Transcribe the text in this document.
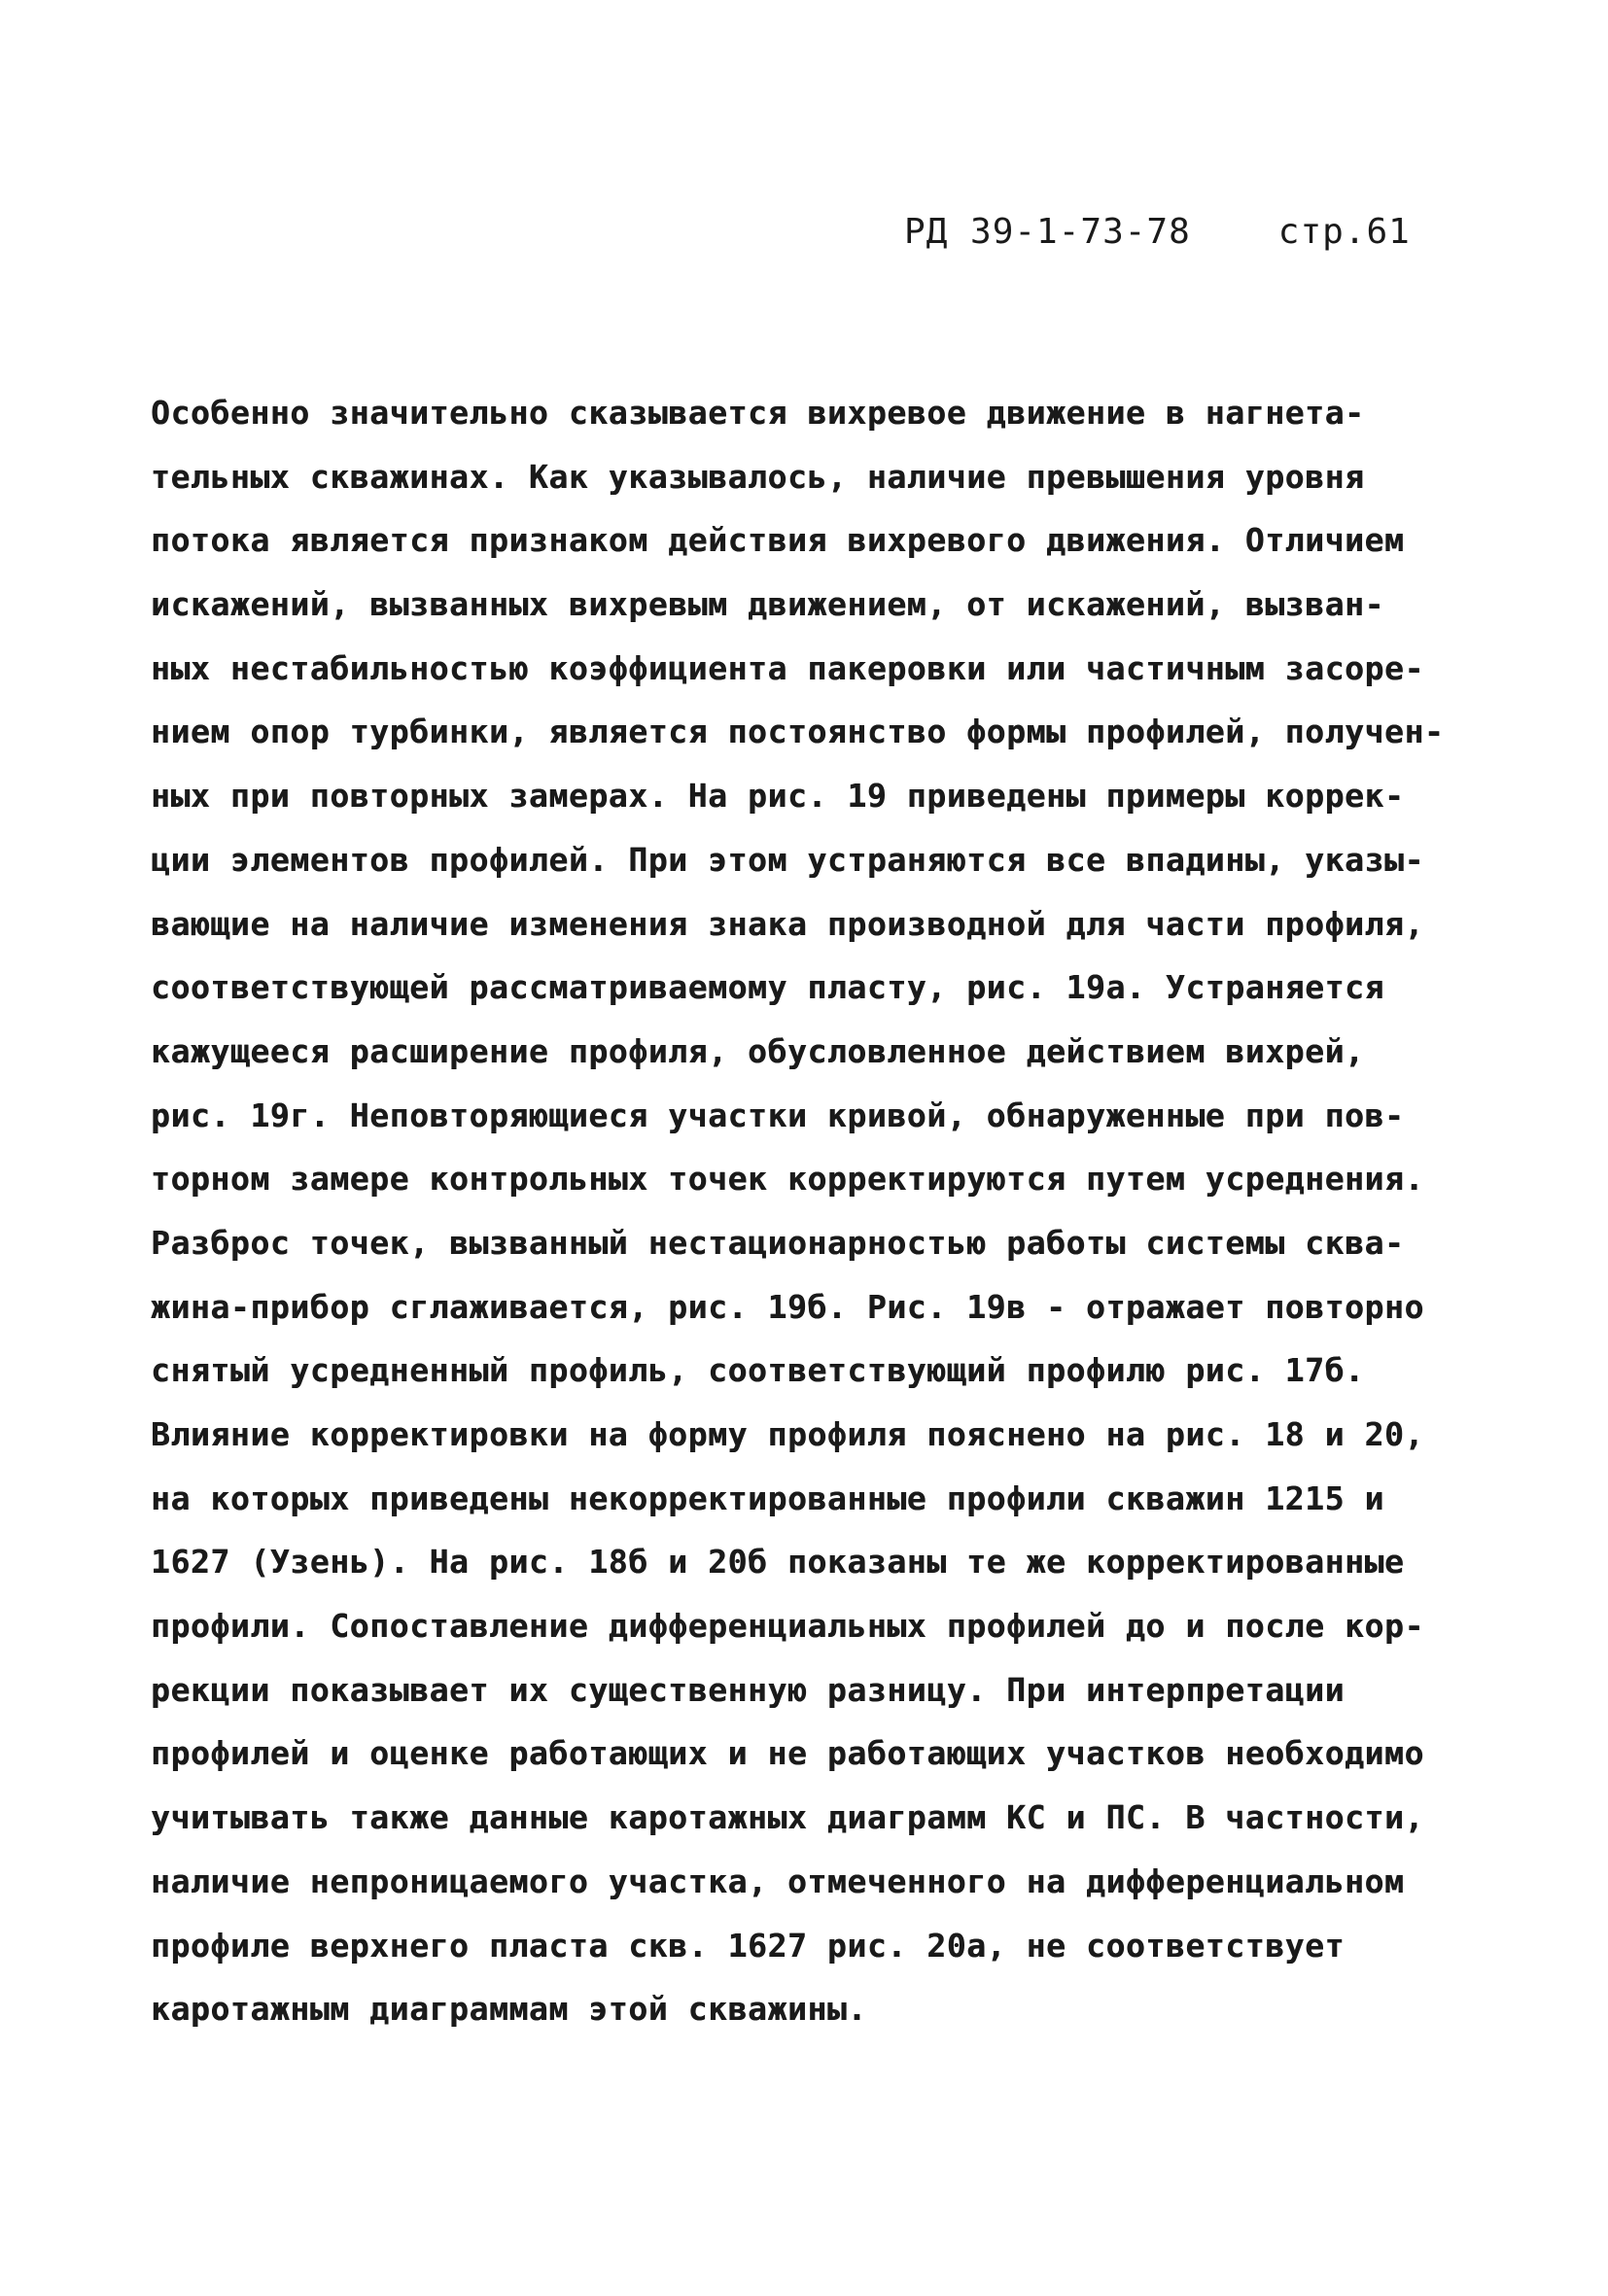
РД 39-1-73-78	стр.61
Особенно значительно сказывается вихревое движение в нагнета-
тельных скважинах. Как указывалось, наличие превышения уровня
потока является признаком действия вихревого движения. Отличием
искажений, вызванных вихревым движением, от искажений, вызван-
ных нестабильностью коэффициента пакеровки или частичным засоре-
нием опор турбинки, является постоянство формы профилей, получен-
ных при повторных замерах. На рис. 19 приведены примеры коррек-
ции элементов профилей. При этом устраняются все впадины, указы-
вающие на наличие изменения знака производной для части профиля,
соответствующей рассматриваемому пласту, рис. 19а. Устраняется
кажущееся расширение профиля, обусловленное действием вихрей,
рис. 19г. Неповторяющиеся участки кривой, обнаруженные при пов-
торном замере контрольных точек корректируются путем усреднения.
Разброс точек, вызванный нестационарностью работы системы сква-
жина-прибор сглаживается, рис. 19б. Рис. 19в - отражает повторно
снятый усредненный профиль, соответствующий профилю рис. 17б.
Влияние корректировки на форму профиля пояснено на рис. 18 и 20,
на которых приведены некорректированные профили скважин 1215 и
1627 (Узень). На рис. 18б и 20б показаны те же корректированные
профили. Сопоставление дифференциальных профилей до и после кор-
рекции показывает их существенную разницу. При интерпретации
профилей и оценке работающих и не работающих участков необходимо
учитывать также данные каротажных диаграмм КС и ПС. В частности,
наличие непроницаемого участка, отмеченного на дифференциальном
профиле верхнего пласта скв. 1627 рис. 20а, не соответствует
каротажным диаграммам этой скважины.
